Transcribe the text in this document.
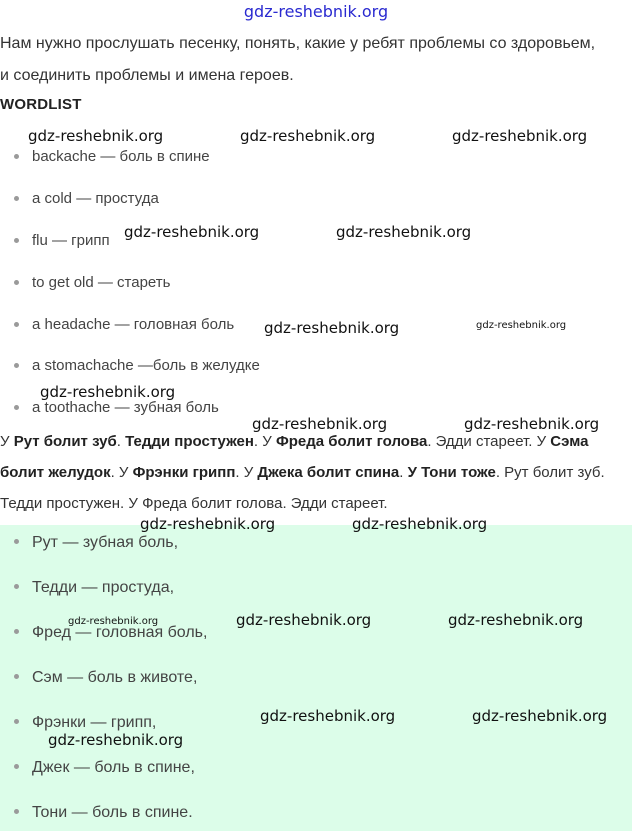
gdz-reshebnik.org
Нам нужно прослушать песенку, понять, какие у ребят проблемы со здоровьем, и соединить проблемы и имена героев.
WORDLIST
backache — боль в спине
a cold — простуда
flu — грипп
to get old — стареть
a headache — головная боль
a stomachache —боль в желудке
a toothache — зубная боль
У Рут болит зуб. Тедди простужен. У Фреда болит голова. Эдди стареет. У Сэма болит желудок. У Фрэнки грипп. У Джека болит спина. У Тони тоже. Рут болит зуб. Тедди простужен. У Фреда болит голова. Эдди стареет.
Рут — зубная боль,
Тедди — простуда,
Фред — головная боль,
Сэм — боль в животе,
Фрэнки — грипп,
Джек — боль в спине,
Тони — боль в спине.
gdz-reshebnik.org	gdz-reshebnik.org	gdz-reshebnik.org
gdz-reshebnik.org	gdz-reshebnik.org
gdz-reshebnik.org	gdz-reshebnik.org
gdz-reshebnik.org
gdz-reshebnik.org	gdz-reshebnik.org
gdz-reshebnik.org	gdz-reshebnik.org
gdz-reshebnik.org	gdz-reshebnik.org	gdz-reshebnik.org
gdz-reshebnik.org	gdz-reshebnik.org
gdz-reshebnik.org
